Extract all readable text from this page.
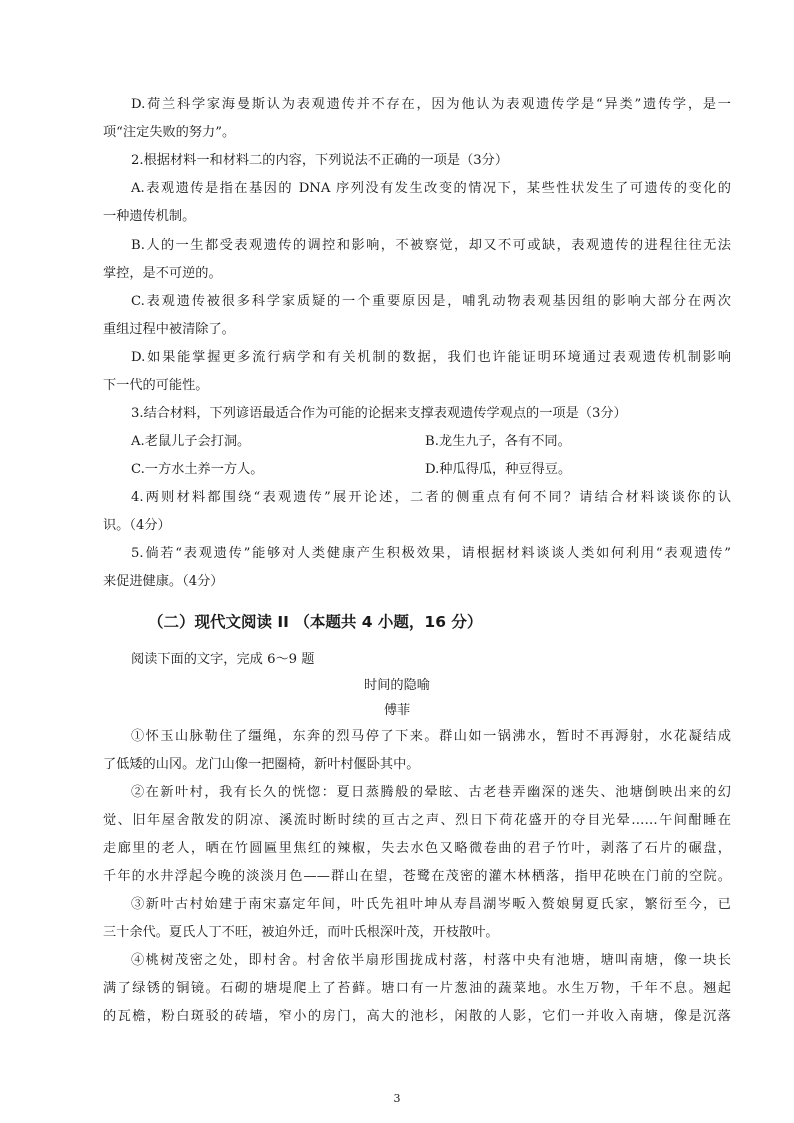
D.荷兰科学家海曼斯认为表观遗传并不存在，因为他认为表观遗传学是“异类”遗传学，是一
项“注定失败的努力”。
2.根据材料一和材料二的内容，下列说法不正确的一项是（3分）
A.表观遗传是指在基因的 DNA 序列没有发生改变的情况下，某些性状发生了可遗传的变化的
一种遗传机制。
B.人的一生都受表观遗传的调控和影响，不被察觉，却又不可或缺，表观遗传的进程往往无法
掌控，是不可逆的。
C.表观遗传被很多科学家质疑的一个重要原因是，哺乳动物表观基因组的影响大部分在两次
重组过程中被清除了。
D.如果能掌握更多流行病学和有关机制的数据，我们也许能证明环境通过表观遗传机制影响
下一代的可能性。
3.结合材料，下列谚语最适合作为可能的论据来支撑表观遗传学观点的一项是（3分）
A.老鼠儿子会打洞。	B.龙生九子，各有不同。
C.一方水土养一方人。	D.种瓜得瓜，种豆得豆。
4.两则材料都围绕“表观遗传”展开论述，二者的侧重点有何不同？请结合材料谈谈你的认
识。（4分）
5.倘若“表观遗传”能够对人类健康产生积极效果，请根据材料谈谈人类如何利用“表观遗传”
来促进健康。（4分）
（二）现代文阅读 II （本题共 4 小题，16 分）
阅读下面的文字，完成 6～9 题
时间的隐喻
傅菲
①怀玉山脉勒住了缰绳，东奔的烈马停了下来。群山如一锅沸水，暂时不再溽射，水花凝结成
了低矮的山冈。龙门山像一把圈椅，新叶村偃卧其中。
②在新叶村，我有长久的恍惚：夏日蒸腾般的晕眩、古老巷弄幽深的迷失、池塘倒映出来的幻
觉、旧年屋舍散发的阴凉、溪流时断时续的亘古之声、烈日下荷花盛开的夺目光晕……午间酣睡在
走廊里的老人，晒在竹圆匾里焦红的辣椒，失去水色又略微卷曲的君子竹叶，剥落了石片的碾盘，
千年的水井浮起今晚的淡淡月色——群山在望，苍鹭在茂密的灌木林栖落，指甲花映在门前的空院。
③新叶古村始建于南宋嘉定年间，叶氏先祖叶坤从寿昌湖岑畈入赘娘舅夏氏家，繁衍至今，已
三十余代。夏氏人丁不旺，被迫外迁，而叶氏根深叶茂，开枝散叶。
④桃树茂密之处，即村舍。村舍依半扇形围拢成村落，村落中央有池塘，塘叫南塘，像一块长
满了绿锈的铜镜。石砌的塘堤爬上了苔藓。塘口有一片葱油的蔬菜地。水生万物，千年不息。翘起
的瓦檐，粉白斑驳的砖墙，窄小的房门，高大的池杉，闲散的人影，它们一并收入南塘，像是沉落
3
